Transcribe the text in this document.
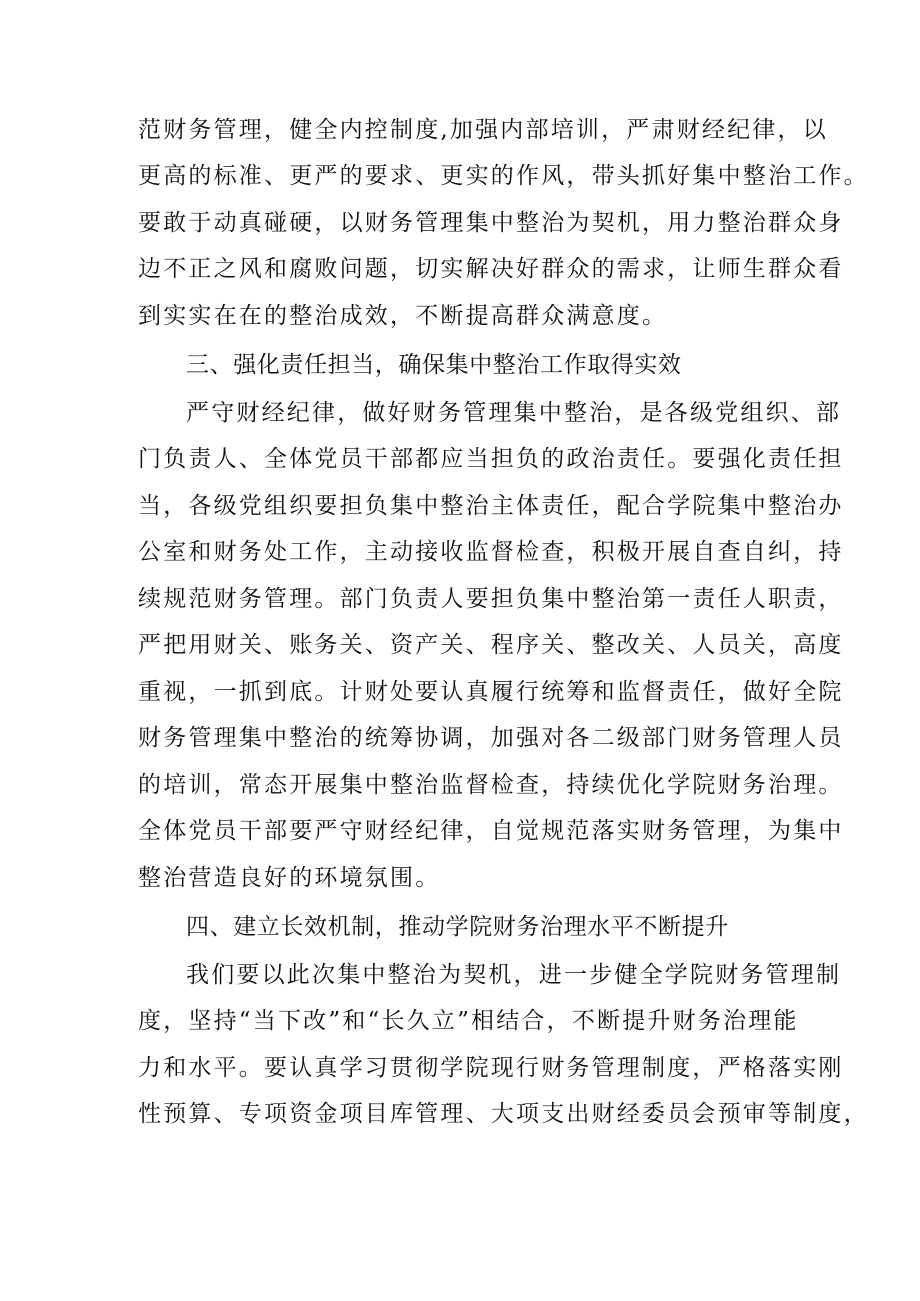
范财务管理，健全内控制度,加强内部培训，严肃财经纪律，以
更高的标准、更严的要求、更实的作风，带头抓好集中整治工作。
要敢于动真碰硬，以财务管理集中整治为契机，用力整治群众身
边不正之风和腐败问题，切实解决好群众的需求，让师生群众看
到实实在在的整治成效，不断提高群众满意度。
三、强化责任担当，确保集中整治工作取得实效
严守财经纪律，做好财务管理集中整治，是各级党组织、部
门负责人、全体党员干部都应当担负的政治责任。要强化责任担
当，各级党组织要担负集中整治主体责任，配合学院集中整治办
公室和财务处工作，主动接收监督检查，积极开展自查自纠，持
续规范财务管理。部门负责人要担负集中整治第一责任人职责，
严把用财关、账务关、资产关、程序关、整改关、人员关，高度
重视，一抓到底。计财处要认真履行统筹和监督责任，做好全院
财务管理集中整治的统筹协调，加强对各二级部门财务管理人员
的培训，常态开展集中整治监督检查，持续优化学院财务治理。
全体党员干部要严守财经纪律，自觉规范落实财务管理，为集中
整治营造良好的环境氛围。
四、建立长效机制，推动学院财务治理水平不断提升
我们要以此次集中整治为契机，进一步健全学院财务管理制
度，坚持“当下改”和“长久立”相结合，不断提升财务治理能
力和水平。要认真学习贯彻学院现行财务管理制度，严格落实刚
性预算、专项资金项目库管理、大项支出财经委员会预审等制度，
